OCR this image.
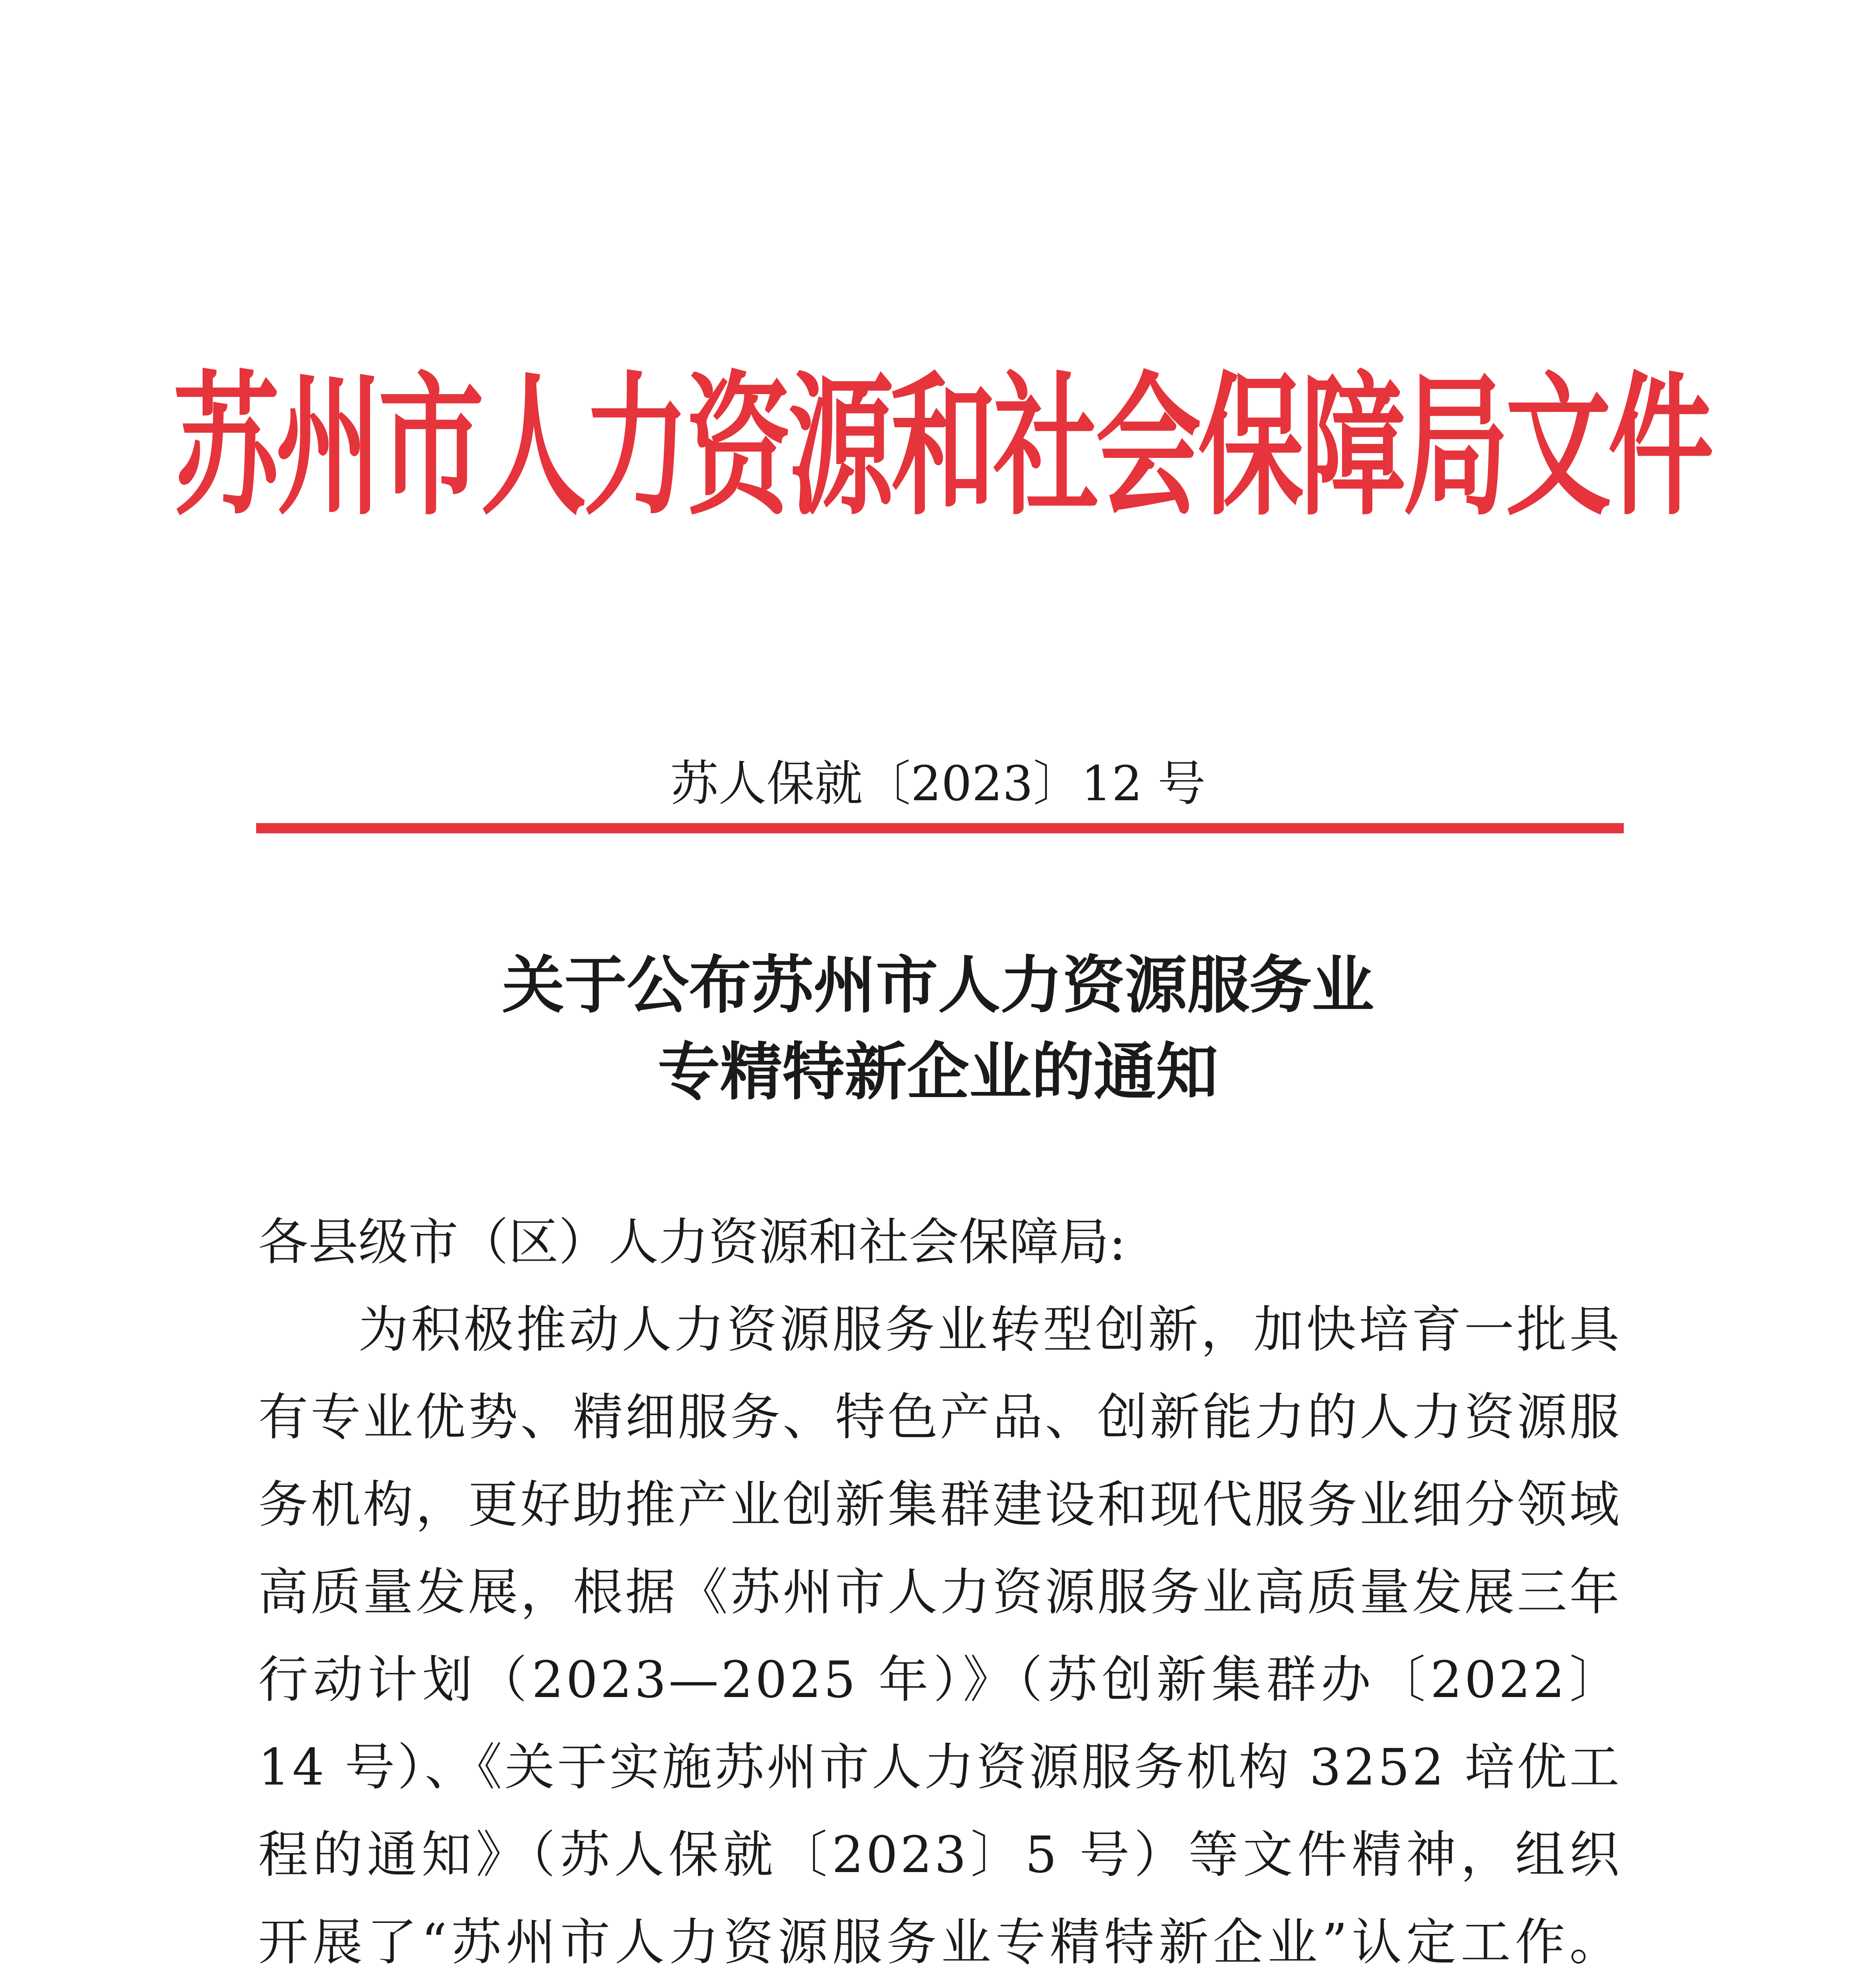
苏州市人力资源和社会保障局文件
苏人保就〔2023〕12 号
关于公布苏州市人力资源服务业
专精特新企业的通知

各县级市（区）人力资源和社会保障局:

为积极推动人力资源服务业转型创新，加快培育一批具有专业优势、精细服务、特色产品、创新能力的人力资源服务机构，更好助推产业创新集群建设和现代服务业细分领域高质量发展，根据《苏州市人力资源服务业高质量发展三年行动计划（2023—2025 年）》（苏创新集群办〔2022〕14 号）、《关于实施苏州市人力资源服务机构 3252 培优工程的通知》（苏人保就〔2023〕5 号）等文件精神，组织开展了“苏州市人力资源服务业专精特新企业”认定工作。
